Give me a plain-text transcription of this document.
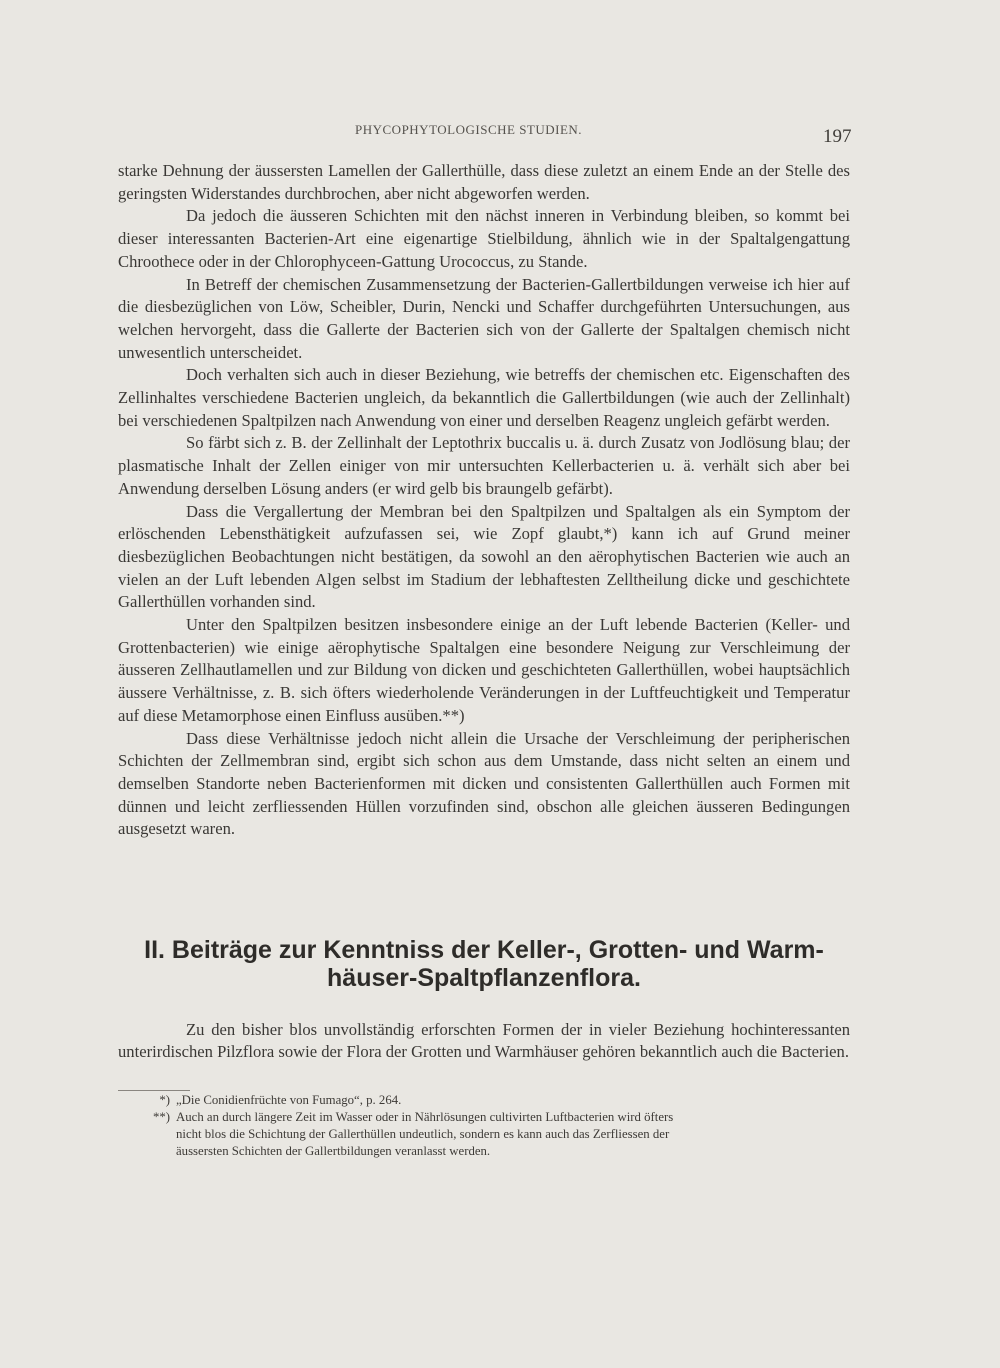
PHYCOPHYTOLOGISCHE STUDIEN.	197

starke Dehnung der äussersten Lamellen der Gallerthülle, dass diese zuletzt an einem Ende an der Stelle des geringsten Widerstandes durchbrochen, aber nicht abgeworfen werden.

Da jedoch die äusseren Schichten mit den nächst inneren in Verbindung bleiben, so kommt bei dieser interessanten Bacterien-Art eine eigenartige Stielbildung, ähnlich wie in der Spaltalgengattung Chroothece oder in der Chlorophyceen-Gattung Urococcus, zu Stande.

In Betreff der chemischen Zusammensetzung der Bacterien-Gallertbildungen verweise ich hier auf die diesbezüglichen von Löw, Scheibler, Durin, Nencki und Schaffer durchgeführten Untersuchungen, aus welchen hervorgeht, dass die Gallerte der Bacterien sich von der Gallerte der Spaltalgen chemisch nicht unwesentlich unterscheidet.

Doch verhalten sich auch in dieser Beziehung, wie betreffs der chemischen etc. Eigenschaften des Zellinhaltes verschiedene Bacterien ungleich, da bekanntlich die Gallertbildungen (wie auch der Zellinhalt) bei verschiedenen Spaltpilzen nach Anwendung von einer und derselben Reagenz ungleich gefärbt werden.

So färbt sich z. B. der Zellinhalt der Leptothrix buccalis u. ä. durch Zusatz von Jodlösung blau; der plasmatische Inhalt der Zellen einiger von mir untersuchten Kellerbacterien u. ä. verhält sich aber bei Anwendung derselben Lösung anders (er wird gelb bis braungelb gefärbt).

Dass die Vergallertung der Membran bei den Spaltpilzen und Spaltalgen als ein Symptom der erlöschenden Lebensthätigkeit aufzufassen sei, wie Zopf glaubt,*) kann ich auf Grund meiner diesbezüglichen Beobachtungen nicht bestätigen, da sowohl an den aërophytischen Bacterien wie auch an vielen an der Luft lebenden Algen selbst im Stadium der lebhaftesten Zelltheilung dicke und geschichtete Gallerthüllen vorhanden sind.

Unter den Spaltpilzen besitzen insbesondere einige an der Luft lebende Bacterien (Keller- und Grottenbacterien) wie einige aërophytische Spaltalgen eine besondere Neigung zur Verschleimung der äusseren Zellhautlamellen und zur Bildung von dicken und geschichteten Gallerthüllen, wobei hauptsächlich äussere Verhältnisse, z. B. sich öfters wiederholende Veränderungen in der Luftfeuchtigkeit und Temperatur auf diese Metamorphose einen Einfluss ausüben.**)

Dass diese Verhältnisse jedoch nicht allein die Ursache der Verschleimung der peripherischen Schichten der Zellmembran sind, ergibt sich schon aus dem Umstande, dass nicht selten an einem und demselben Standorte neben Bacterienformen mit dicken und consistenten Gallerthüllen auch Formen mit dünnen und leicht zerfliessenden Hüllen vorzufinden sind, obschon alle gleichen äusseren Bedingungen ausgesetzt waren.

II. Beiträge zur Kenntniss der Keller-, Grotten- und Warm-
häuser-Spaltpflanzenflora.

Zu den bisher blos unvollständig erforschten Formen der in vieler Beziehung hochinteressanten unterirdischen Pilzflora sowie der Flora der Grotten und Warmhäuser gehören bekanntlich auch die Bacterien.

*) „Die Conidienfrüchte von Fumago“, p. 264.
**) Auch an durch längere Zeit im Wasser oder in Nährlösungen cultivirten Luftbacterien wird öfters
nicht blos die Schichtung der Gallerthüllen undeutlich, sondern es kann auch das Zerfliessen der
äussersten Schichten der Gallertbildungen veranlasst werden.
